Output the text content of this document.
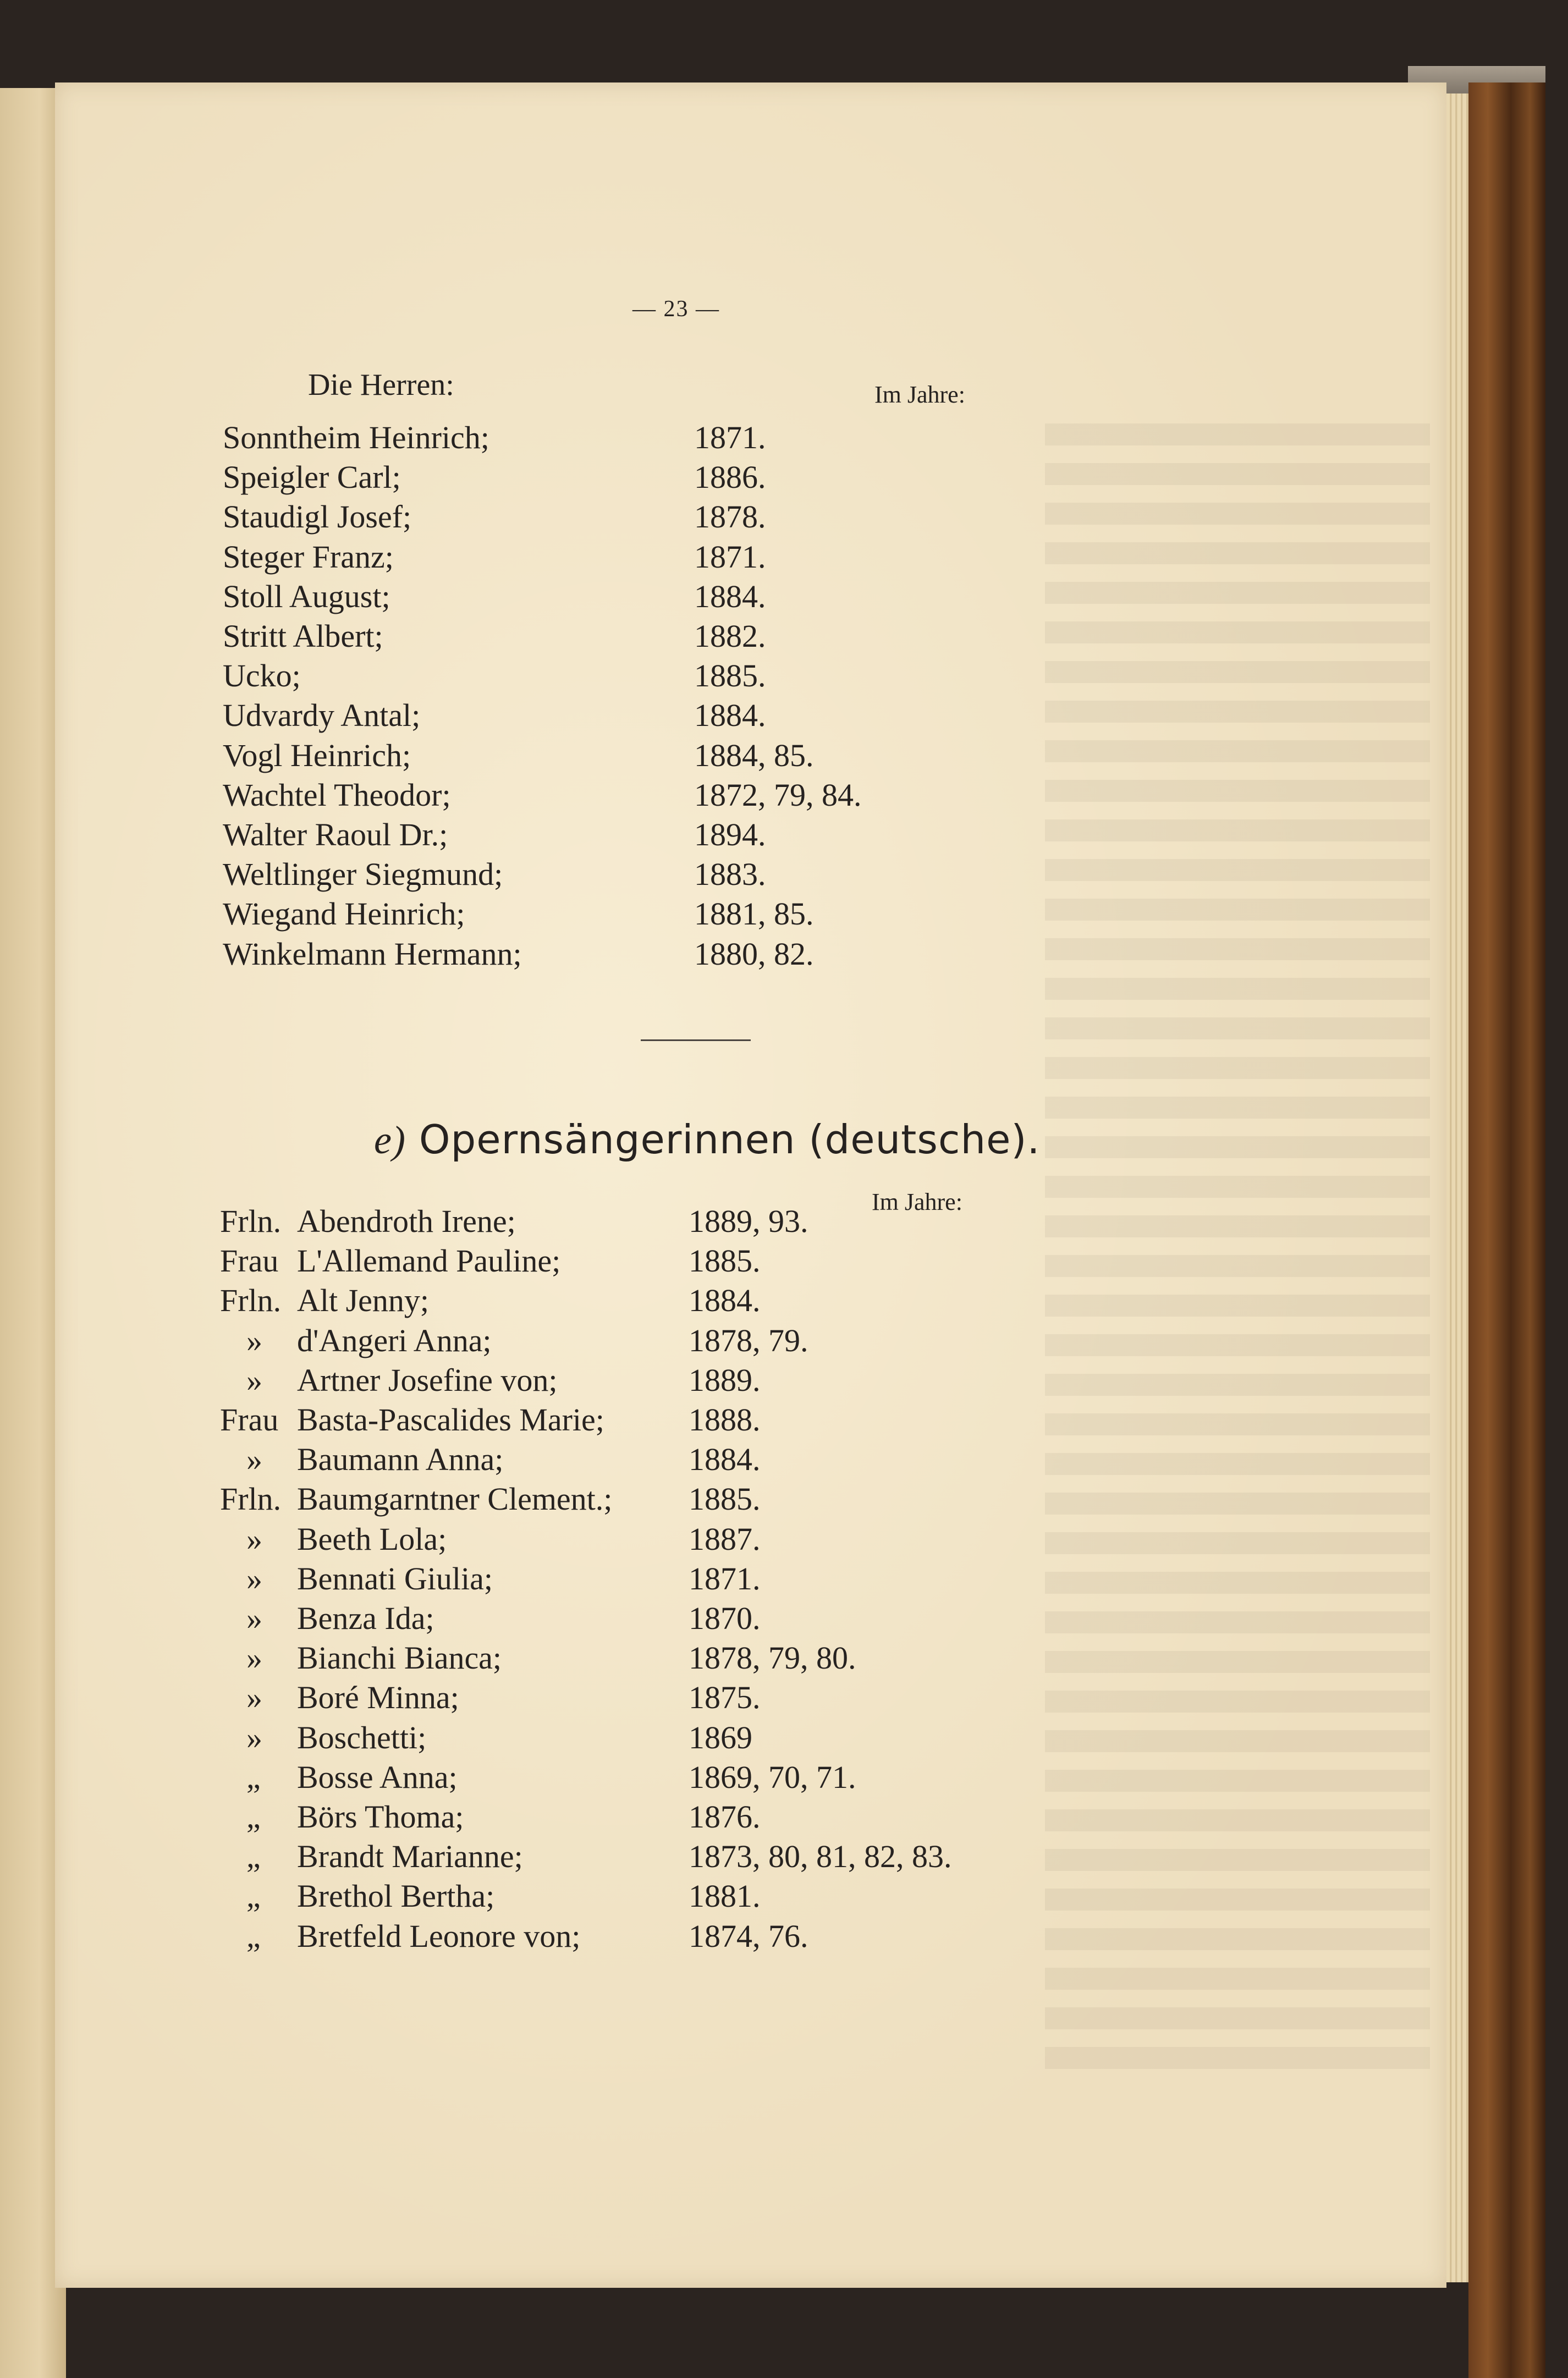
— 23 —
Die Herren:	Im Jahre:
Sonntheim Heinrich;	1871.
Speigler Carl;	1886.
Staudigl Josef;	1878.
Steger Franz;	1871.
Stoll August;	1884.
Stritt Albert;	1882.
Ucko;	1885.
Udvardy Antal;	1884.
Vogl Heinrich;	1884, 85.
Wachtel Theodor;	1872, 79, 84.
Walter Raoul Dr.;	1894.
Weltlinger Siegmund;	1883.
Wiegand Heinrich;	1881, 85.
Winkelmann Hermann;	1880, 82.
e) Opernsängerinnen (deutsche).
Im Jahre:
Frln. Abendroth Irene;	1889, 93.
Frau L'Allemand Pauline;	1885.
Frln. Alt Jenny;	1884.
» d'Angeri Anna;	1878, 79.
» Artner Josefine von;	1889.
Frau Basta-Pascalides Marie;	1888.
» Baumann Anna;	1884.
Frln. Baumgarntner Clement.; 1885.
» Beeth Lola;	1887.
» Bennati Giulia;	1871.
» Benza Ida;	1870.
» Bianchi Bianca;	1878, 79, 80.
» Boré Minna;	1875.
» Boschetti;	1869
„ Bosse Anna;	1869, 70, 71.
„ Börs Thoma;	1876.
„ Brandt Marianne;	1873, 80, 81, 82, 83.
„ Brethol Bertha;	1881.
„ Bretfeld Leonore von;	1874, 76.
